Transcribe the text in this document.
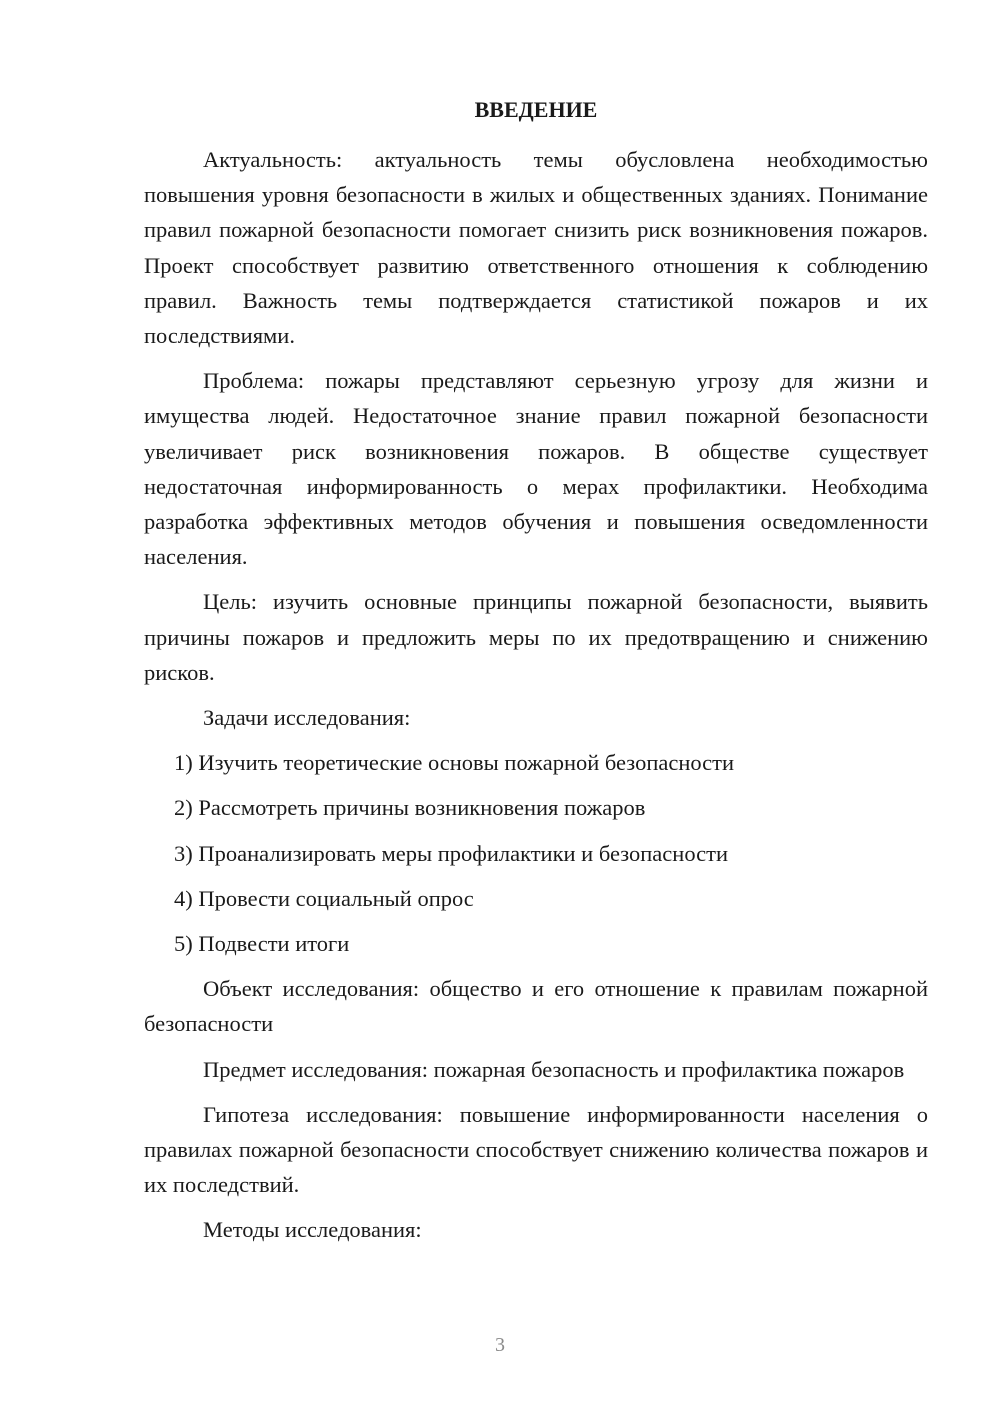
ВВЕДЕНИЕ
Актуальность: актуальность темы обусловлена необходимостью повышения уровня безопасности в жилых и общественных зданиях. Понимание правил пожарной безопасности помогает снизить риск возникновения пожаров. Проект способствует развитию ответственного отношения к соблюдению правил. Важность темы подтверждается статистикой пожаров и их последствиями.
Проблема: пожары представляют серьезную угрозу для жизни и имущества людей. Недостаточное знание правил пожарной безопасности увеличивает риск возникновения пожаров. В обществе существует недостаточная информированность о мерах профилактики. Необходима разработка эффективных методов обучения и повышения осведомленности населения.
Цель: изучить основные принципы пожарной безопасности, выявить причины пожаров и предложить меры по их предотвращению и снижению рисков.
Задачи исследования:
1) Изучить теоретические основы пожарной безопасности
2) Рассмотреть причины возникновения пожаров
3) Проанализировать меры профилактики и безопасности
4) Провести социальный опрос
5) Подвести итоги
Объект исследования: общество и его отношение к правилам пожарной безопасности
Предмет исследования: пожарная безопасность и профилактика пожаров
Гипотеза исследования: повышение информированности населения о правилах пожарной безопасности способствует снижению количества пожаров и их последствий.
Методы исследования:
3
